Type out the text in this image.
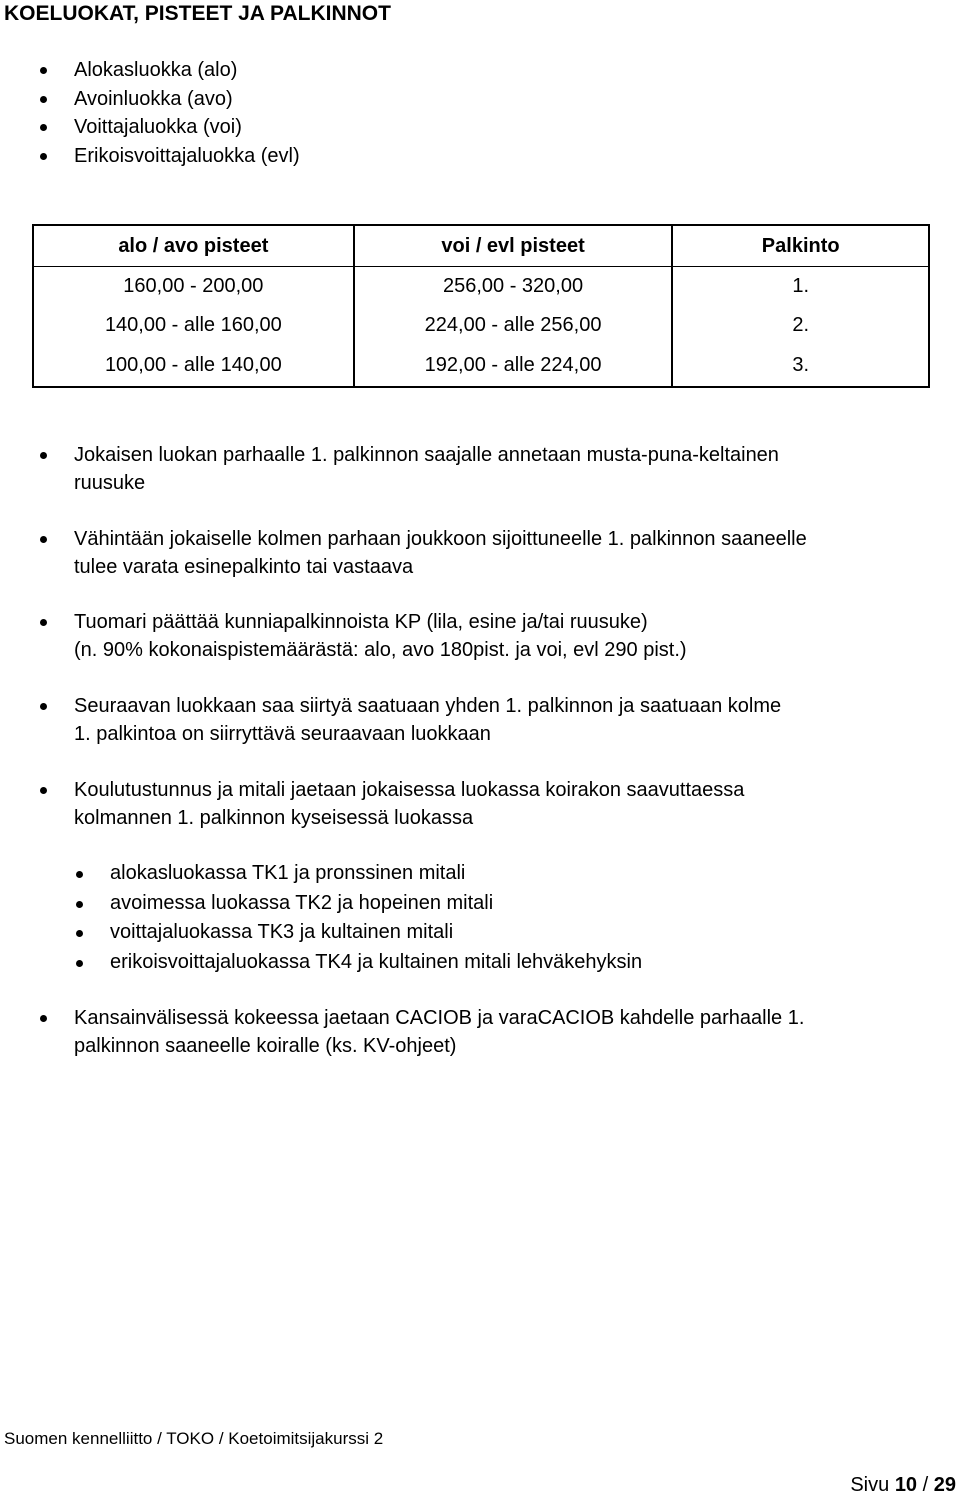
KOELUOKAT, PISTEET JA PALKINNOT
Alokasluokka (alo)
Avoinluokka (avo)
Voittajaluokka (voi)
Erikoisvoittajaluokka (evl)
alo / avo pisteet	voi / evl pisteet	Palkinto
160,00 - 200,00	256,00 - 320,00	1.
140,00 - alle 160,00	224,00 - alle 256,00	2.
100,00 - alle 140,00	192,00 - alle 224,00	3.
Jokaisen luokan parhaalle 1. palkinnon saajalle annetaan musta-puna-keltainen
ruusuke
Vähintään jokaiselle kolmen parhaan joukkoon sijoittuneelle 1. palkinnon saaneelle
tulee varata esinepalkinto tai vastaava
Tuomari päättää kunniapalkinnoista KP (lila, esine ja/tai ruusuke)
(n. 90% kokonaispistemäärästä: alo, avo 180pist. ja voi, evl 290 pist.)
Seuraavan luokkaan saa siirtyä saatuaan yhden 1. palkinnon ja saatuaan kolme
1. palkintoa on siirryttävä seuraavaan luokkaan
Koulutustunnus ja mitali jaetaan jokaisessa luokassa koirakon saavuttaessa
kolmannen 1. palkinnon kyseisessä luokassa
alokasluokassa TK1 ja pronssinen mitali
avoimessa luokassa TK2 ja hopeinen mitali
voittajaluokassa TK3 ja kultainen mitali
erikoisvoittajaluokassa TK4 ja kultainen mitali lehväkehyksin
Kansainvälisessä kokeessa jaetaan CACIOB ja varaCACIOB kahdelle parhaalle 1.
palkinnon saaneelle koiralle (ks. KV-ohjeet)
Suomen kennelliitto / TOKO / Koetoimitsijakurssi 2
Sivu 10 / 29
